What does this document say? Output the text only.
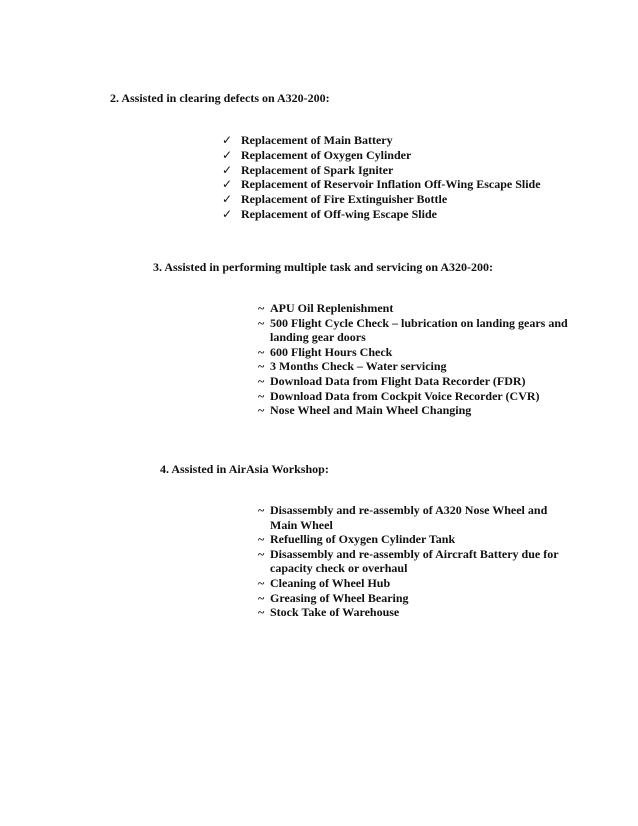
2. Assisted in clearing defects on A320-200:

✓ Replacement of Main Battery
✓ Replacement of Oxygen Cylinder
✓ Replacement of Spark Igniter
✓ Replacement of Reservoir Inflation Off-Wing Escape Slide
✓ Replacement of Fire Extinguisher Bottle
✓ Replacement of Off-wing Escape Slide

3. Assisted in performing multiple task and servicing on A320-200:

~ APU Oil Replenishment
~ 500 Flight Cycle Check – lubrication on landing gears and landing gear doors
~ 600 Flight Hours Check
~ 3 Months Check – Water servicing
~ Download Data from Flight Data Recorder (FDR)
~ Download Data from Cockpit Voice Recorder (CVR)
~ Nose Wheel and Main Wheel Changing

4. Assisted in AirAsia Workshop:

~ Disassembly and re-assembly of A320 Nose Wheel and Main Wheel
~ Refuelling of Oxygen Cylinder Tank
~ Disassembly and re-assembly of Aircraft Battery due for capacity check or overhaul
~ Cleaning of Wheel Hub
~ Greasing of Wheel Bearing
~ Stock Take of Warehouse
